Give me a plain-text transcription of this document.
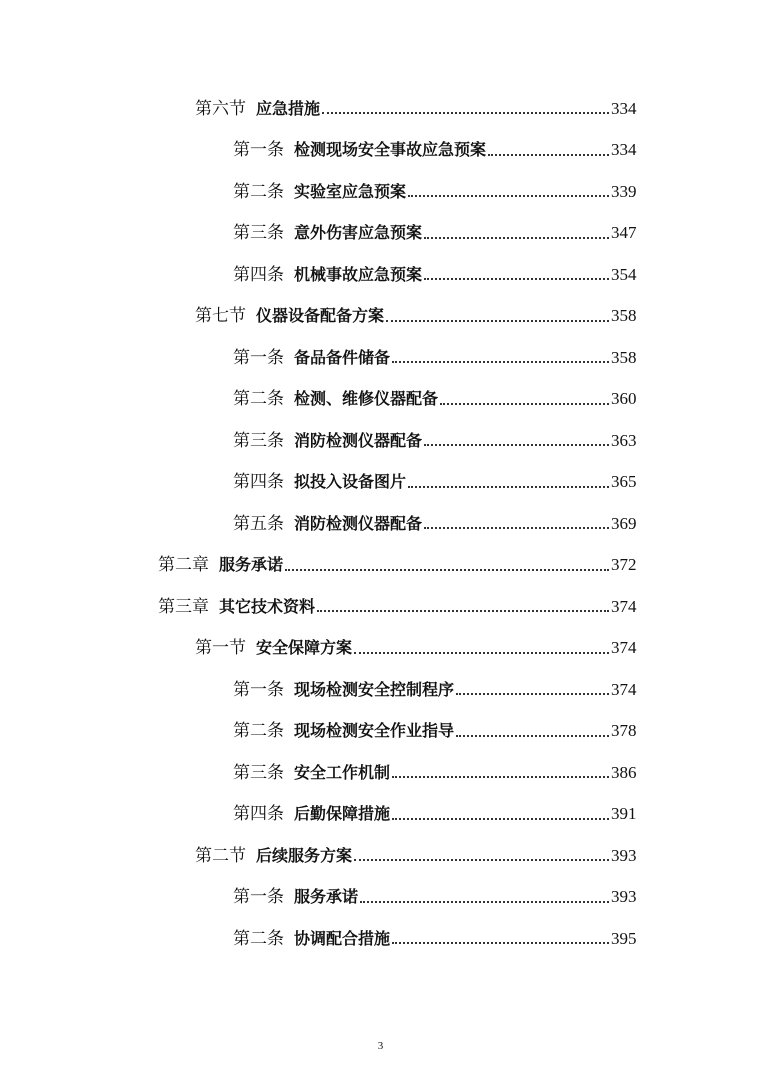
第六节 应急措施	334
第一条 检测现场安全事故应急预案	334
第二条 实验室应急预案	339
第三条 意外伤害应急预案	347
第四条 机械事故应急预案	354
第七节 仪器设备配备方案	358
第一条 备品备件储备	358
第二条 检测、维修仪器配备	360
第三条 消防检测仪器配备	363
第四条 拟投入设备图片	365
第五条 消防检测仪器配备	369
第二章 服务承诺	372
第三章 其它技术资料	374
第一节 安全保障方案	374
第一条 现场检测安全控制程序	374
第二条 现场检测安全作业指导	378
第三条 安全工作机制	386
第四条 后勤保障措施	391
第二节 后续服务方案	393
第一条 服务承诺	393
第二条 协调配合措施	395
3
